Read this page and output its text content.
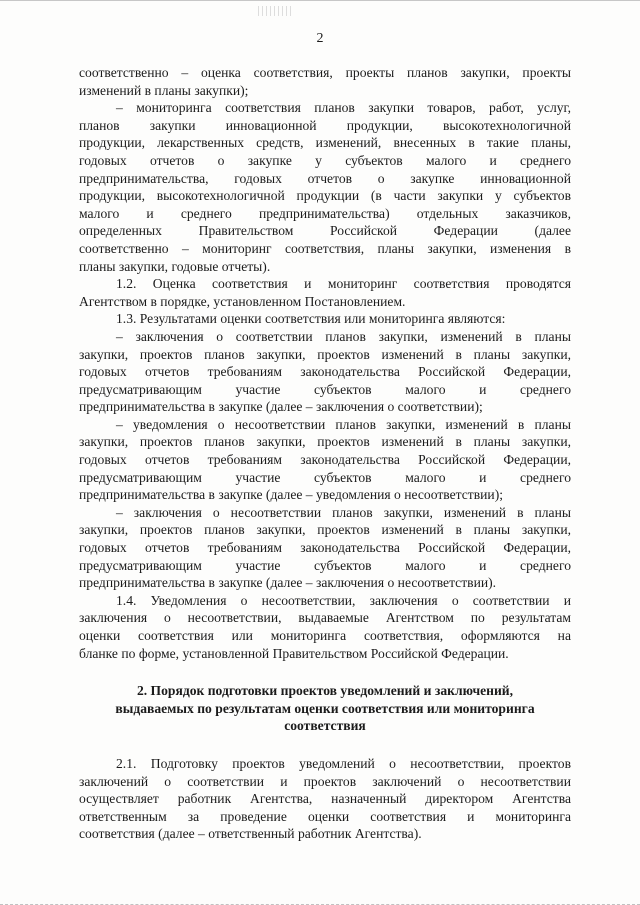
2
соответственно – оценка соответствия, проекты планов закупки, проекты
изменений в планы закупки);
– мониторинга соответствия планов закупки товаров, работ, услуг,
планов закупки инновационной продукции, высокотехнологичной
продукции, лекарственных средств, изменений, внесенных в такие планы,
годовых отчетов о закупке у субъектов малого и среднего
предпринимательства, годовых отчетов о закупке инновационной
продукции, высокотехнологичной продукции (в части закупки у субъектов
малого и среднего предпринимательства) отдельных заказчиков,
определенных Правительством Российской Федерации (далее
соответственно – мониторинг соответствия, планы закупки, изменения в
планы закупки, годовые отчеты).
1.2. Оценка соответствия и мониторинг соответствия проводятся
Агентством в порядке, установленном Постановлением.
1.3. Результатами оценки соответствия или мониторинга являются:
– заключения о соответствии планов закупки, изменений в планы
закупки, проектов планов закупки, проектов изменений в планы закупки,
годовых отчетов требованиям законодательства Российской Федерации,
предусматривающим участие субъектов малого и среднего
предпринимательства в закупке (далее – заключения о соответствии);
– уведомления о несоответствии планов закупки, изменений в планы
закупки, проектов планов закупки, проектов изменений в планы закупки,
годовых отчетов требованиям законодательства Российской Федерации,
предусматривающим участие субъектов малого и среднего
предпринимательства в закупке (далее – уведомления о несоответствии);
– заключения о несоответствии планов закупки, изменений в планы
закупки, проектов планов закупки, проектов изменений в планы закупки,
годовых отчетов требованиям законодательства Российской Федерации,
предусматривающим участие субъектов малого и среднего
предпринимательства в закупке (далее – заключения о несоответствии).
1.4. Уведомления о несоответствии, заключения о соответствии и
заключения о несоответствии, выдаваемые Агентством по результатам
оценки соответствия или мониторинга соответствия, оформляются на
бланке по форме, установленной Правительством Российской Федерации.
2. Порядок подготовки проектов уведомлений и заключений,
выдаваемых по результатам оценки соответствия или мониторинга
соответствия
2.1. Подготовку проектов уведомлений о несоответствии, проектов
заключений о соответствии и проектов заключений о несоответствии
осуществляет работник Агентства, назначенный директором Агентства
ответственным за проведение оценки соответствия и мониторинга
соответствия (далее – ответственный работник Агентства).
